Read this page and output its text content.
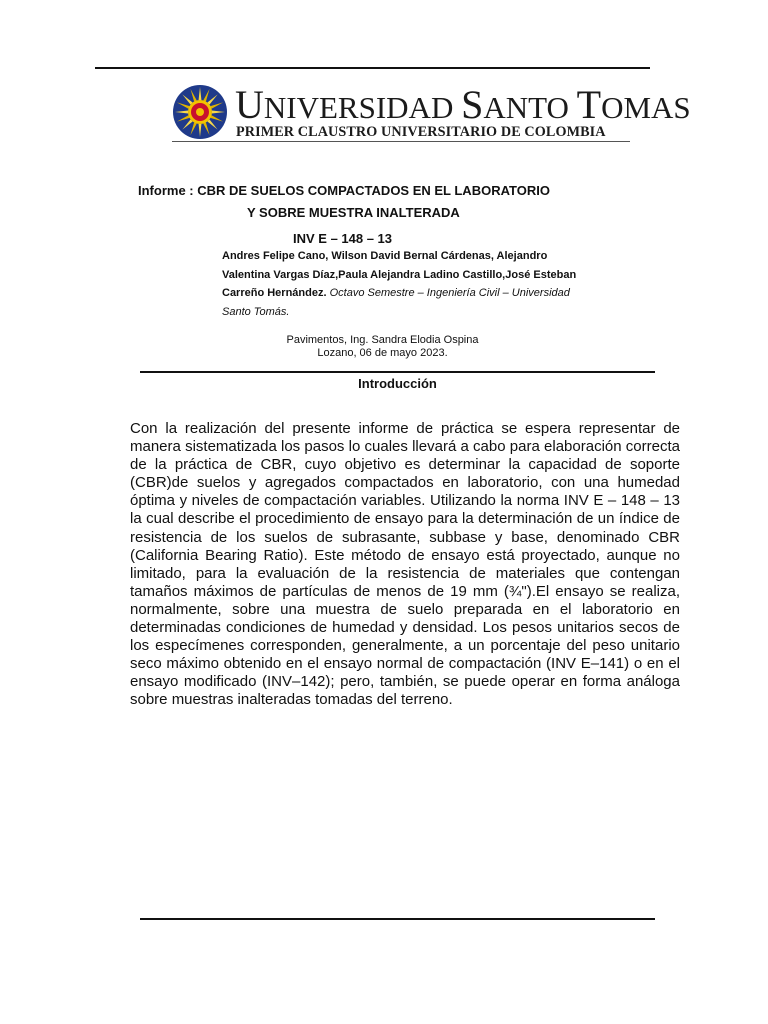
UNIVERSIDAD SANTO TOMAS
PRIMER CLAUSTRO UNIVERSITARIO DE COLOMBIA
Informe : CBR DE SUELOS COMPACTADOS EN EL LABORATORIO
Y SOBRE MUESTRA INALTERADA
INV E – 148 – 13
Andres Felipe Cano, Wilson David Bernal Cárdenas, Alejandro Valentina Vargas Díaz,Paula Alejandra Ladino Castillo,José Esteban Carreño Hernández. Octavo Semestre – Ingeniería Civil – Universidad Santo Tomás.
Pavimentos, Ing. Sandra Elodia Ospina
Lozano, 06 de mayo 2023.
Introducción

Con la realización del presente informe de práctica se espera representar de manera sistematizada los pasos lo cuales llevará a cabo para elaboración correcta de la práctica de CBR, cuyo objetivo es determinar la capacidad de soporte (CBR)de suelos y agregados compactados en laboratorio, con una humedad óptima y niveles de compactación variables. Utilizando la norma INV E – 148 – 13 la cual describe el procedimiento de ensayo para la determinación de un índice de resistencia de los suelos de subrasante, subbase y base, denominado CBR (California Bearing Ratio). Este método de ensayo está proyectado, aunque no limitado, para la evaluación de la resistencia de materiales que contengan tamaños máximos de partículas de menos de 19 mm (¾").El ensayo se realiza, normalmente, sobre una muestra de suelo preparada en el laboratorio en determinadas condiciones de humedad y densidad. Los pesos unitarios secos de los especímenes corresponden, generalmente, a un porcentaje del peso unitario seco máximo obtenido en el ensayo normal de compactación (INV E–141) o en el ensayo modificado (INV–142); pero, también, se puede operar en forma análoga sobre muestras inalteradas tomadas del terreno.
